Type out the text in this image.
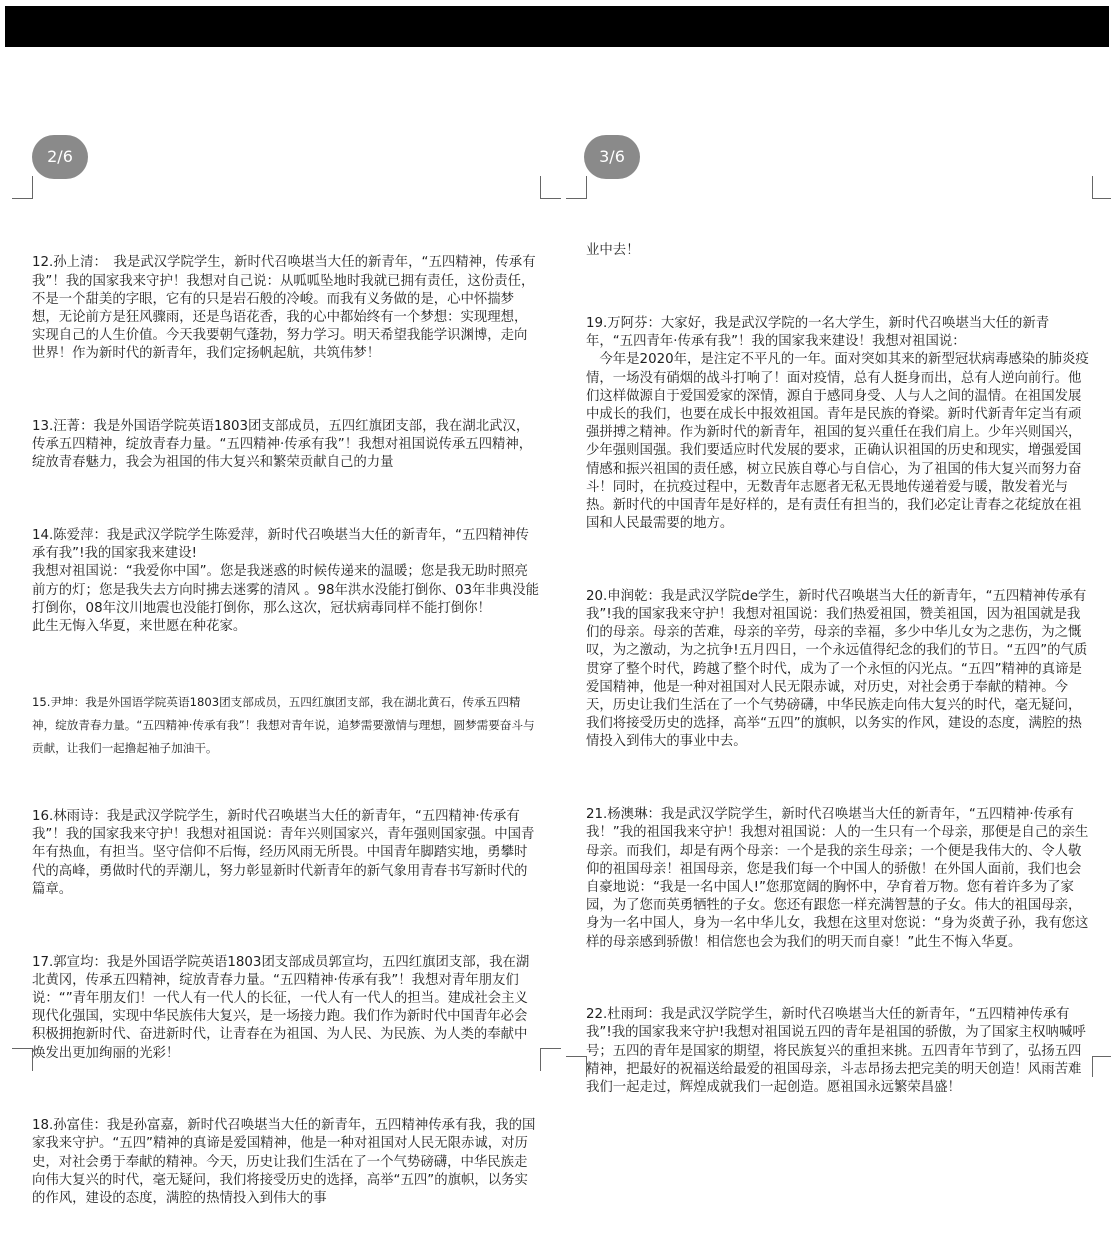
2/6

12.孙上清：　我是武汉学院学生，新时代召唤堪当大任的新青年，“五四精神，传承有我”！我的国家我来守护！我想对自己说：从呱呱坠地时我就已拥有责任，这份责任，不是一个甜美的字眼，它有的只是岩石般的冷峻。而我有义务做的是，心中怀揣梦想，无论前方是狂风骤雨，还是鸟语花香，我的心中都始终有一个梦想：实现理想，实现自己的人生价值。今天我要朝气蓬勃，努力学习。明天希望我能学识渊博，走向世界！作为新时代的新青年，我们定扬帆起航，共筑伟梦！

13.汪菁：我是外国语学院英语1803团支部成员，五四红旗团支部，我在湖北武汉，传承五四精神，绽放青春力量。“五四精神·传承有我”！我想对祖国说传承五四精神，绽放青春魅力，我会为祖国的伟大复兴和繁荣贡献自己的力量

14.陈爱萍：我是武汉学院学生陈爱萍，新时代召唤堪当大任的新青年，“五四精神传承有我”!我的国家我来建设!
我想对祖国说：“我爱你中国”。您是我迷惑的时候传递来的温暖；您是我无助时照亮前方的灯；您是我失去方向时拂去迷雾的清风 。98年洪水没能打倒你、03年非典没能打倒你，08年汶川地震也没能打倒你，那么这次，冠状病毒同样不能打倒你！
此生无悔入华夏，来世愿在种花家。

15.尹坤：我是外国语学院英语1803团支部成员，五四红旗团支部，我在湖北黄石，传承五四精神，绽放青春力量。“五四精神·传承有我”！我想对青年说，追梦需要激情与理想，圆梦需要奋斗与贡献，让我们一起撸起袖子加油干。

16.林雨诗：我是武汉学院学生，新时代召唤堪当大任的新青年，“五四精神·传承有我”！我的国家我来守护！我想对祖国说：青年兴则国家兴，青年强则国家强。中国青年有热血，有担当。坚守信仰不后悔，经历风雨无所畏。中国青年脚踏实地，勇攀时代的高峰，勇做时代的弄潮儿，努力彰显新时代新青年的新气象用青春书写新时代的篇章。

17.郭宣均：我是外国语学院英语1803团支部成员郭宣均，五四红旗团支部，我在湖北黄冈，传承五四精神，绽放青春力量。“五四精神·传承有我”！我想对青年朋友们说：“”青年朋友们！一代人有一代人的长征，一代人有一代人的担当。建成社会主义现代化强国，实现中华民族伟大复兴，是一场接力跑。我们作为新时代中国青年必会积极拥抱新时代、奋进新时代，让青春在为祖国、为人民、为民族、为人类的奉献中焕发出更加绚丽的光彩！

18.孙富佳：我是孙富嘉，新时代召唤堪当大任的新青年，五四精神传承有我，我的国家我来守护。“五四”精神的真谛是爱国精神，他是一种对祖国对人民无限赤诚，对历史，对社会勇于奉献的精神。今天，历史让我们生活在了一个气势磅礴，中华民族走向伟大复兴的时代，毫无疑问，我们将接受历史的选择，高举“五四”的旗帜，以务实的作风，建设的态度，满腔的热情投入到伟大的事

3/6

业中去！

19.万阿芬：大家好，我是武汉学院的一名大学生，新时代召唤堪当大任的新青年，“五四青年·传承有我”！我的国家我来建设！我想对祖国说：
　今年是2020年，是注定不平凡的一年。面对突如其来的新型冠状病毒感染的肺炎疫情，一场没有硝烟的战斗打响了！面对疫情，总有人挺身而出，总有人逆向前行。他们这样做源自于爱国爱家的深情，源自于感同身受、人与人之间的温情。在祖国发展中成长的我们，也要在成长中报效祖国。青年是民族的脊梁。新时代新青年定当有顽强拼搏之精神。作为新时代的新青年，祖国的复兴重任在我们肩上。少年兴则国兴，少年强则国强。我们要适应时代发展的要求，正确认识祖国的历史和现实，增强爱国情感和振兴祖国的责任感，树立民族自尊心与自信心，为了祖国的伟大复兴而努力奋斗！同时，在抗疫过程中，无数青年志愿者无私无畏地传递着爱与暖，散发着光与热。新时代的中国青年是好样的，是有责任有担当的，我们必定让青春之花绽放在祖国和人民最需要的地方。

20.申润乾：我是武汉学院de学生，新时代召唤堪当大任的新青年，“五四精神传承有我”!我的国家我来守护！我想对祖国说：我们热爱祖国，赞美祖国，因为祖国就是我们的母亲。母亲的苦难，母亲的辛劳，母亲的幸福，多少中华儿女为之悲伤，为之慨叹，为之激动，为之抗争!五月四日，一个永远值得纪念的我们的节日。“五四”的气质贯穿了整个时代，跨越了整个时代，成为了一个永恒的闪光点。“五四”精神的真谛是爱国精神，他是一种对祖国对人民无限赤诚，对历史，对社会勇于奉献的精神。今天，历史让我们生活在了一个气势磅礴，中华民族走向伟大复兴的时代，毫无疑问，我们将接受历史的选择，高举“五四”的旗帜，以务实的作风，建设的态度，满腔的热情投入到伟大的事业中去。

21.杨澳琳：我是武汉学院学生，新时代召唤堪当大任的新青年，“五四精神·传承有我！”我的祖国我来守护！我想对祖国说：人的一生只有一个母亲，那便是自己的亲生母亲。而我们，却是有两个母亲：一个是我的亲生母亲；一个便是我伟大的、令人敬仰的祖国母亲！祖国母亲，您是我们每一个中国人的骄傲！在外国人面前，我们也会自豪地说：“我是一名中国人!”您那宽阔的胸怀中，孕育着万物。您有着许多为了家园，为了您而英勇牺牲的子女。您还有跟您一样充满智慧的子女。伟大的祖国母亲，身为一名中国人，身为一名中华儿女，我想在这里对您说：“身为炎黄子孙，我有您这样的母亲感到骄傲！相信您也会为我们的明天而自豪！”此生不悔入华夏。

22.杜雨珂：我是武汉学院学生，新时代召唤堪当大任的新青年，“五四精神传承有我”!我的国家我来守护!我想对祖国说五四的青年是祖国的骄傲，为了国家主权呐喊呼号；五四的青年是国家的期望，将民族复兴的重担来挑。五四青年节到了，弘扬五四精神，把最好的祝福送给最爱的祖国母亲，斗志昂扬去把完美的明天创造！风雨苦难我们一起走过，辉煌成就我们一起创造。愿祖国永远繁荣昌盛！
